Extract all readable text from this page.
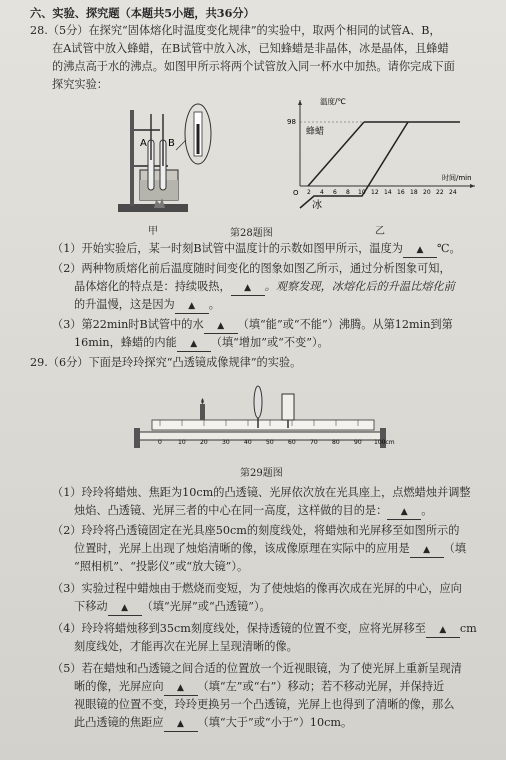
六、实验、探究题（本题共5小题，共36分）
28.（5分）在探究“固体熔化时温度变化规律”的实验中，取两个相同的试管A、B，
在A试管中放入蜂蜡，在B试管中放入冰，已知蜂蜡是非晶体，冰是晶体，且蜂蜡
的沸点高于水的沸点。如图甲所示将两个试管放入同一杯水中加热。请你完成下面
探究实验：
A B
甲
温度/℃
时间/min
98
O
蜂蜡
冰
2 4 6 8 10 12 14 16 18 20 22 24
乙
第28题图
（1）开始实验后，某一时刻B试管中温度计的示数如图甲所示，温度为 ▲ ℃。
（2）两种物质熔化前后温度随时间变化的图象如图乙所示，通过分析图象可知，
晶体熔化的特点是：持续吸热， ▲ 。观察发现，冰熔化后的升温比熔化前
的升温慢，这是因为 ▲ 。
（3）第22min时B试管中的水 ▲ （填“能”或“不能”）沸腾。从第12min到第
16min，蜂蜡的内能 ▲ （填“增加”或“不变”）。
29.（6分）下面是玲玲探究“凸透镜成像规律”的实验。
0	10 20 30 40 50 60 70 80 90 100cm
第29题图
（1）玲玲将蜡烛、焦距为10cm的凸透镜、光屏依次放在光具座上，点燃蜡烛并调整
烛焰、凸透镜、光屏三者的中心在同一高度，这样做的目的是： ▲ 。
（2）玲玲将凸透镜固定在光具座50cm的刻度线处，将蜡烛和光屏移至如图所示的
位置时，光屏上出现了烛焰清晰的像，该成像原理在实际中的应用是 ▲ （填
“照相机”、“投影仪”或“放大镜”）。
（3）实验过程中蜡烛由于燃烧而变短，为了使烛焰的像再次成在光屏的中心，应向
下移动 ▲ （填“光屏”或“凸透镜”）。
（4）玲玲将蜡烛移到35cm刻度线处，保持透镜的位置不变，应将光屏移至 ▲ cm
刻度线处，才能再次在光屏上呈现清晰的像。
（5）若在蜡烛和凸透镜之间合适的位置放一个近视眼镜，为了使光屏上重新呈现清
晰的像，光屏应向 ▲ （填“左”或“右”）移动；若不移动光屏，并保持近
视眼镜的位置不变，玲玲更换另一个凸透镜，光屏上也得到了清晰的像，那么
此凸透镜的焦距应 ▲ （填“大于”或“小于”）10cm。
